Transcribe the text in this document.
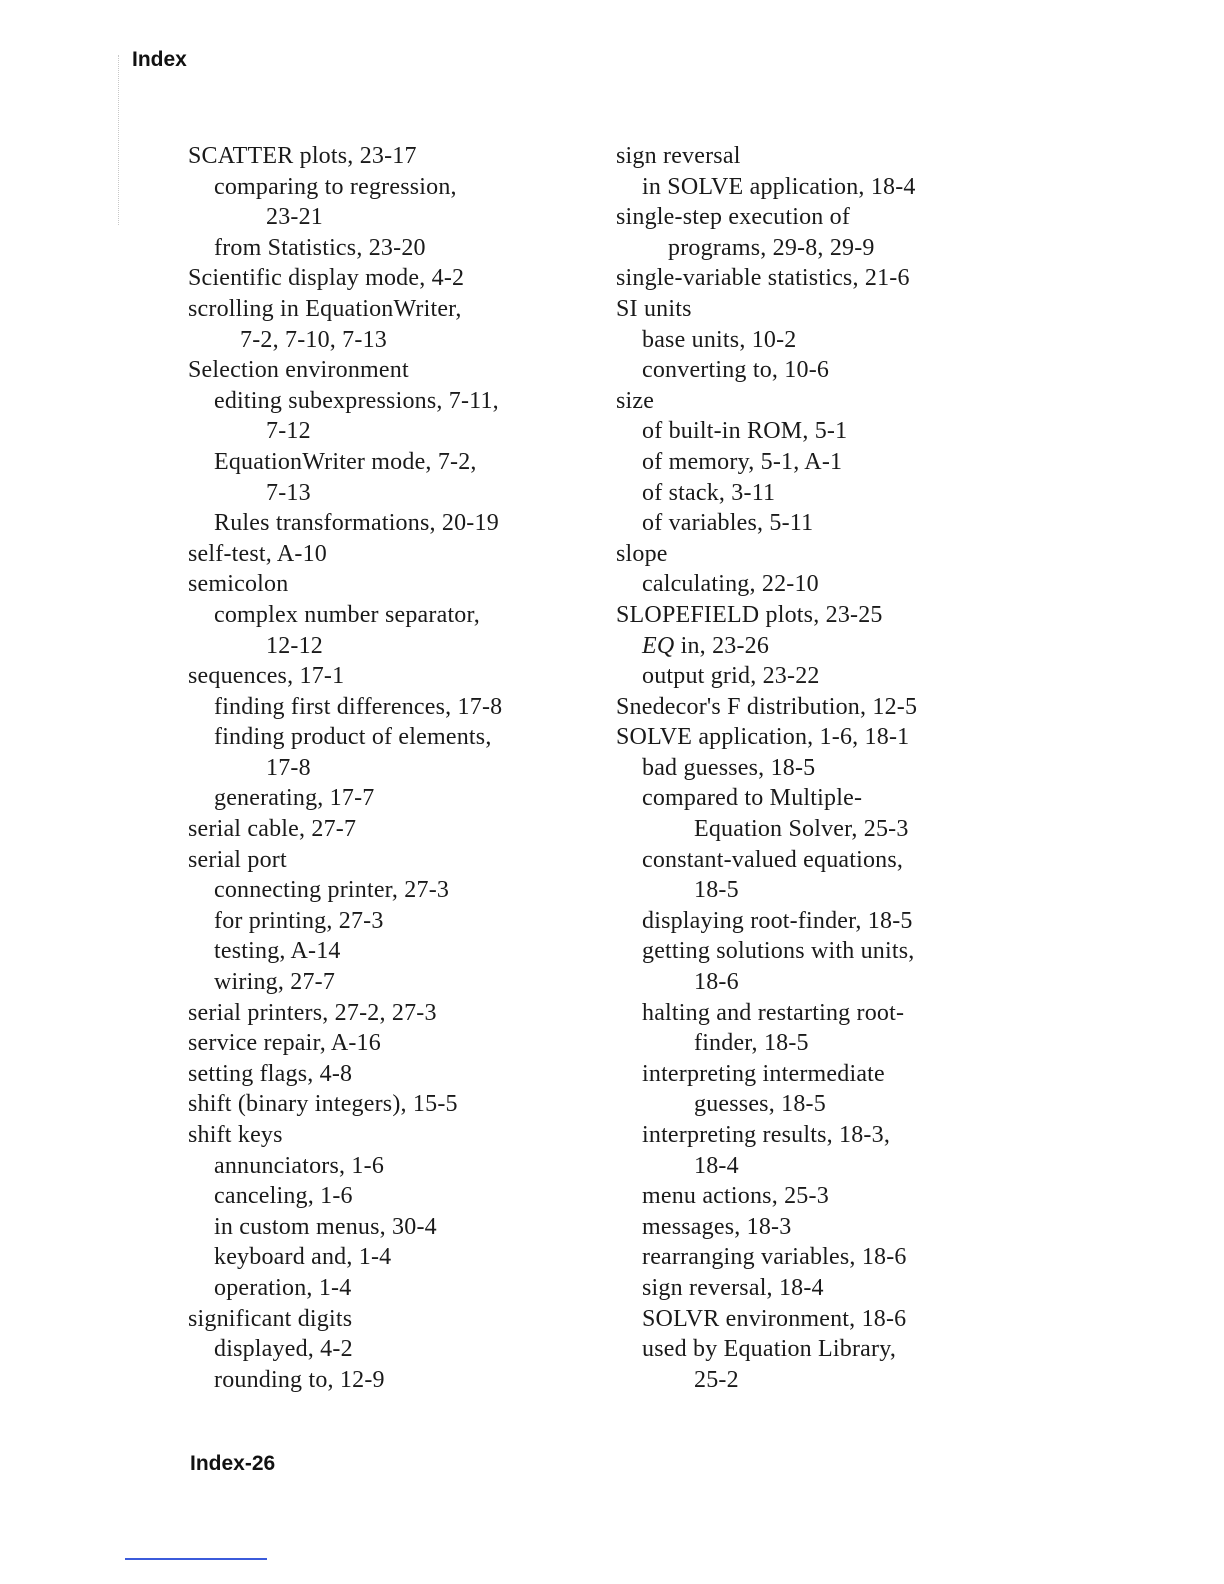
Index
SCATTER plots, 23-17
comparing to regression,
23-21
from Statistics, 23-20
Scientific display mode, 4-2
scrolling in EquationWriter,
7-2, 7-10, 7-13
Selection environment
editing subexpressions, 7-11,
7-12
EquationWriter mode, 7-2,
7-13
Rules transformations, 20-19
self-test, A-10
semicolon
complex number separator,
12-12
sequences, 17-1
finding first differences, 17-8
finding product of elements,
17-8
generating, 17-7
serial cable, 27-7
serial port
connecting printer, 27-3
for printing, 27-3
testing, A-14
wiring, 27-7
serial printers, 27-2, 27-3
service repair, A-16
setting flags, 4-8
shift (binary integers), 15-5
shift keys
annunciators, 1-6
canceling, 1-6
in custom menus, 30-4
keyboard and, 1-4
operation, 1-4
significant digits
displayed, 4-2
rounding to, 12-9
sign reversal
in SOLVE application, 18-4
single-step execution of
programs, 29-8, 29-9
single-variable statistics, 21-6
SI units
base units, 10-2
converting to, 10-6
size
of built-in ROM, 5-1
of memory, 5-1, A-1
of stack, 3-11
of variables, 5-11
slope
calculating, 22-10
SLOPEFIELD plots, 23-25
EQ in, 23-26
output grid, 23-22
Snedecor's F distribution, 12-5
SOLVE application, 1-6, 18-1
bad guesses, 18-5
compared to Multiple-
Equation Solver, 25-3
constant-valued equations,
18-5
displaying root-finder, 18-5
getting solutions with units,
18-6
halting and restarting root-
finder, 18-5
interpreting intermediate
guesses, 18-5
interpreting results, 18-3,
18-4
menu actions, 25-3
messages, 18-3
rearranging variables, 18-6
sign reversal, 18-4
SOLVR environment, 18-6
used by Equation Library,
25-2
Index-26
